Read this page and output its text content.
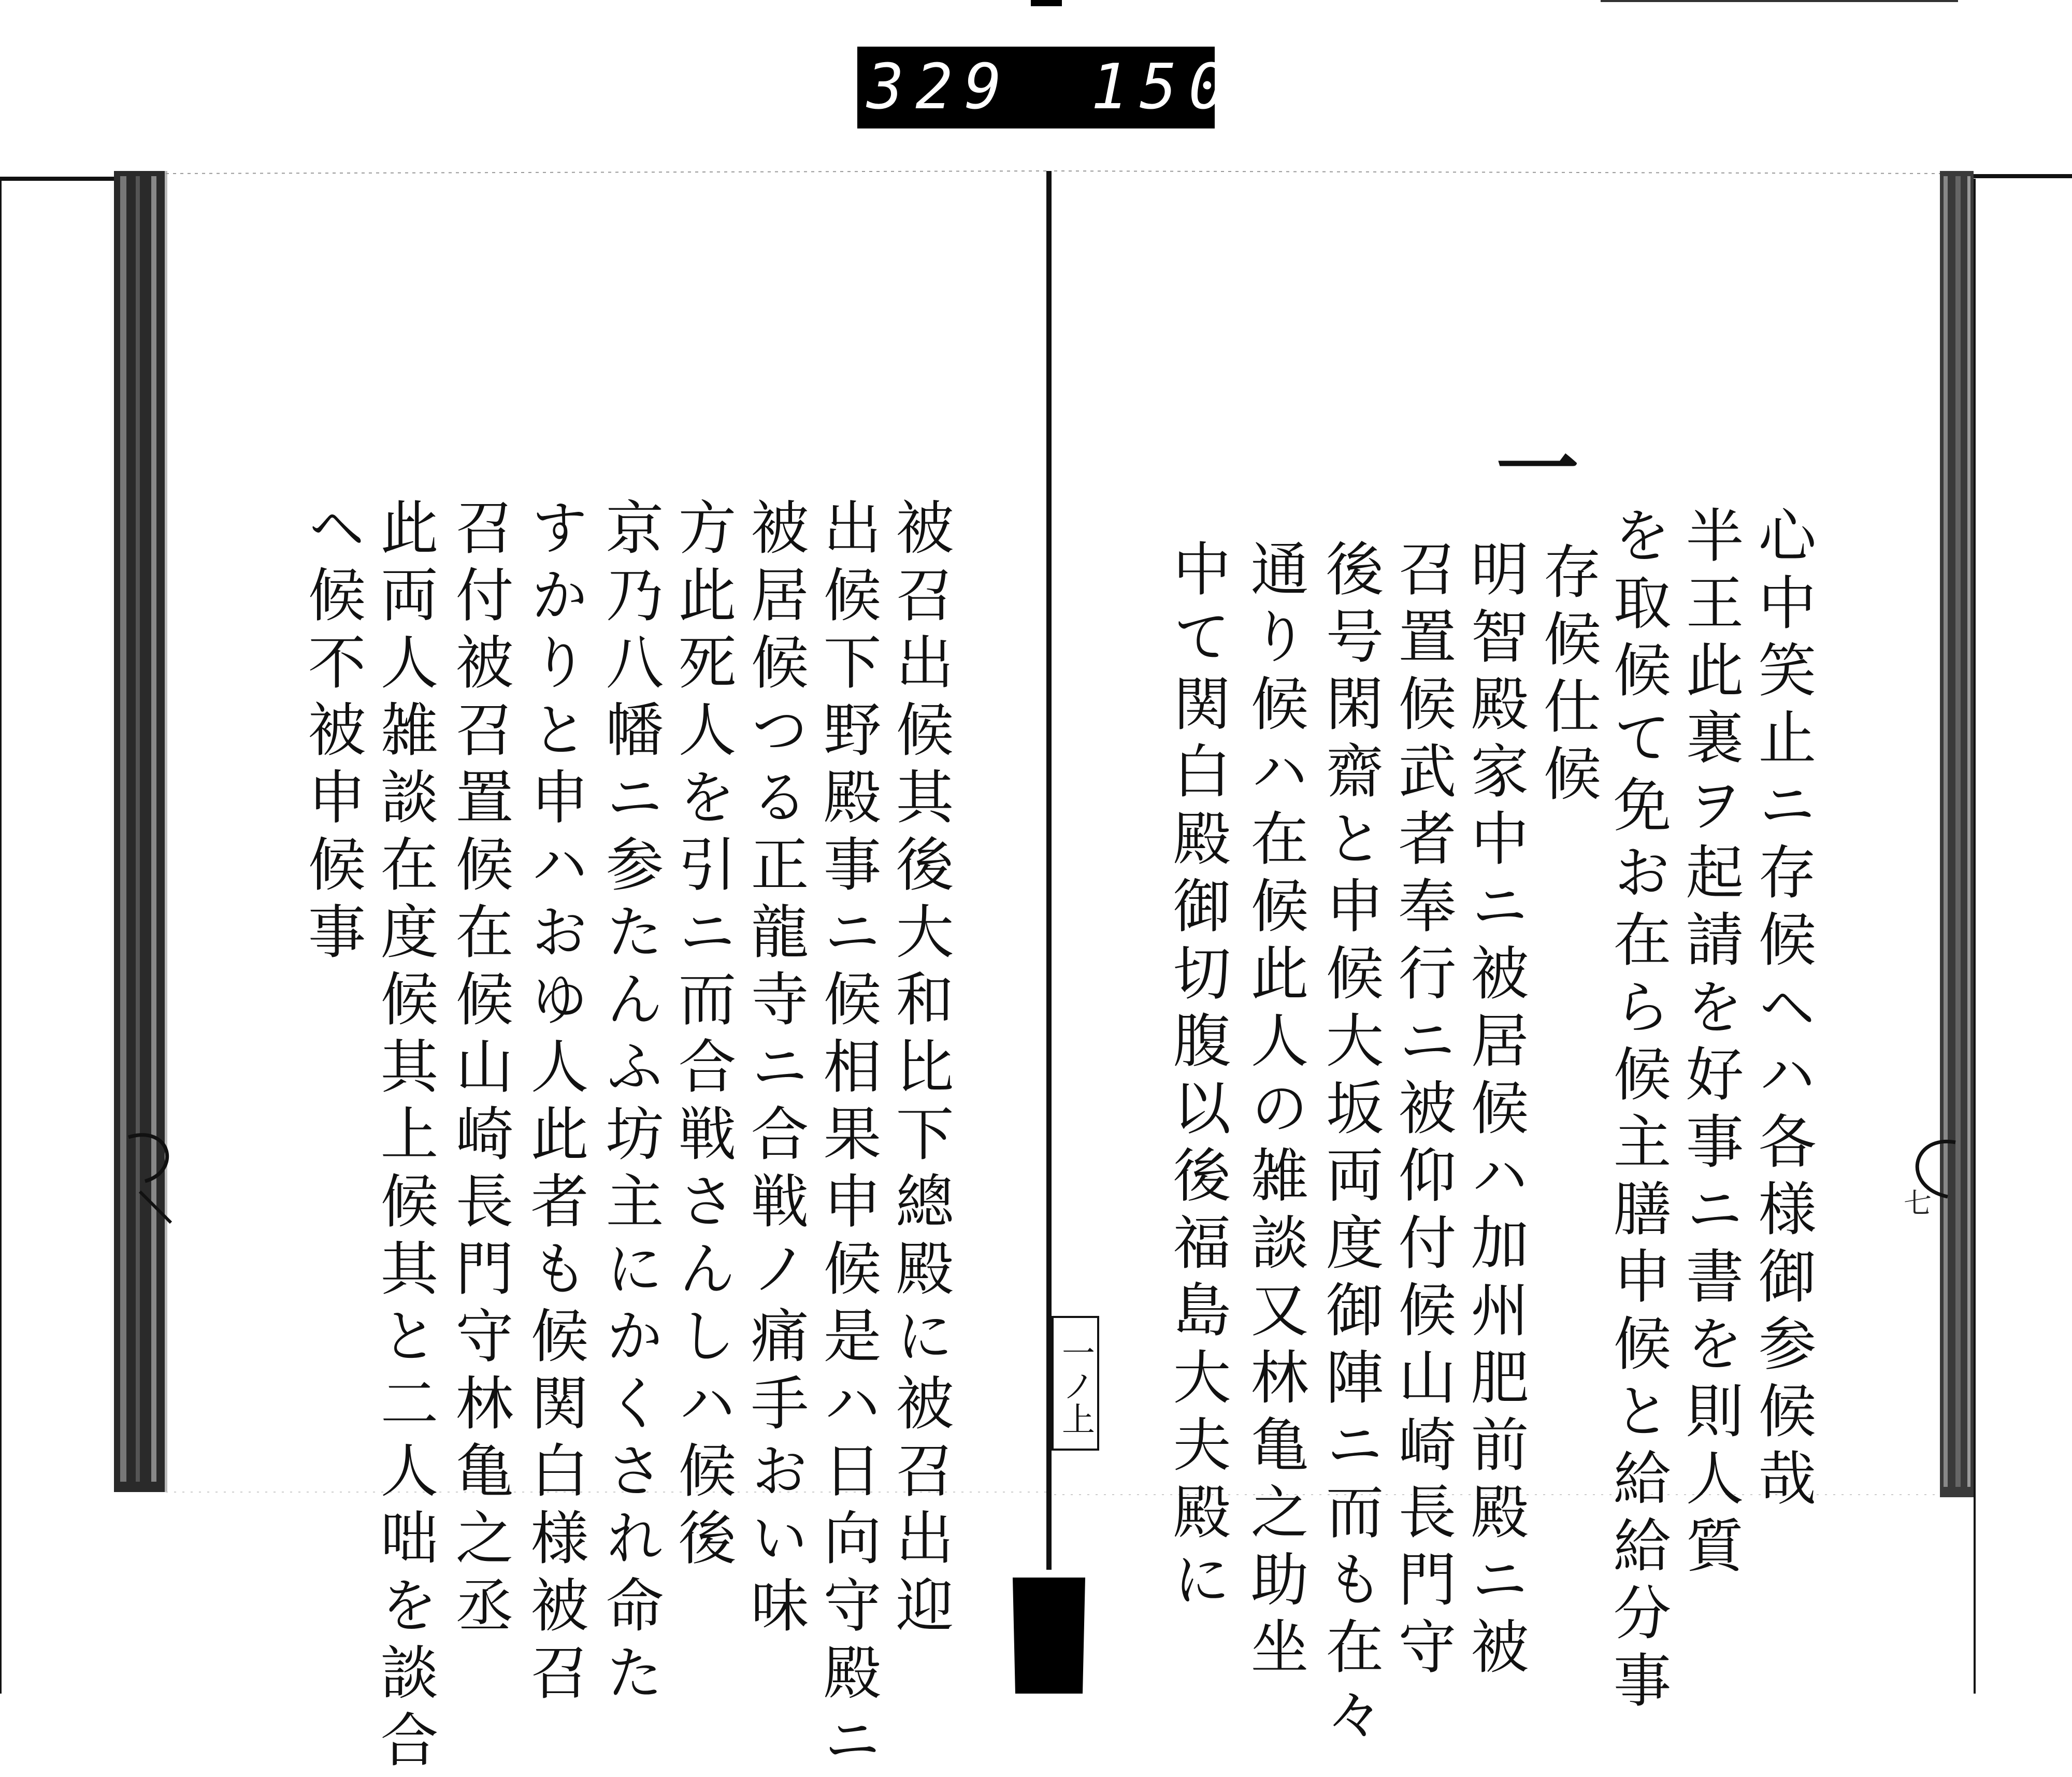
329 150.
一
心中笑止ニ存候ヘハ各様御参候哉
半王此裏ヲ起請を好事ニ書を則人質
を取候て免お在ら候主膳申候と給給分事
存候仕候
明智殿家中ニ被居候ハ加州肥前殿ニ被
召置候武者奉行ニ被仰付候山崎長門守
後号閑齋と申候大坂両度御陣ニ而も在々
通り候ハ在候此人の雑談又林亀之助坐
中て関白殿御切腹以後福島大夫殿に
一ノ上
七
被召出候其後大和比下總殿に被召出迎
出候下野殿事ニ候相果申候是ハ日向守殿ニ
被居候つる正龍寺ニ合戦ノ痛手おい味
方此死人を引ニ而合戦さんしハ候後
京乃八幡ニ参たんふ坊主にかくされ命た
すかりと申ハおゆ人此者も候関白様被召
召付被召置候在候山崎長門守林亀之丞
此両人雑談在度候其上候其と二人咄を談合
ヘ候不被申候事
